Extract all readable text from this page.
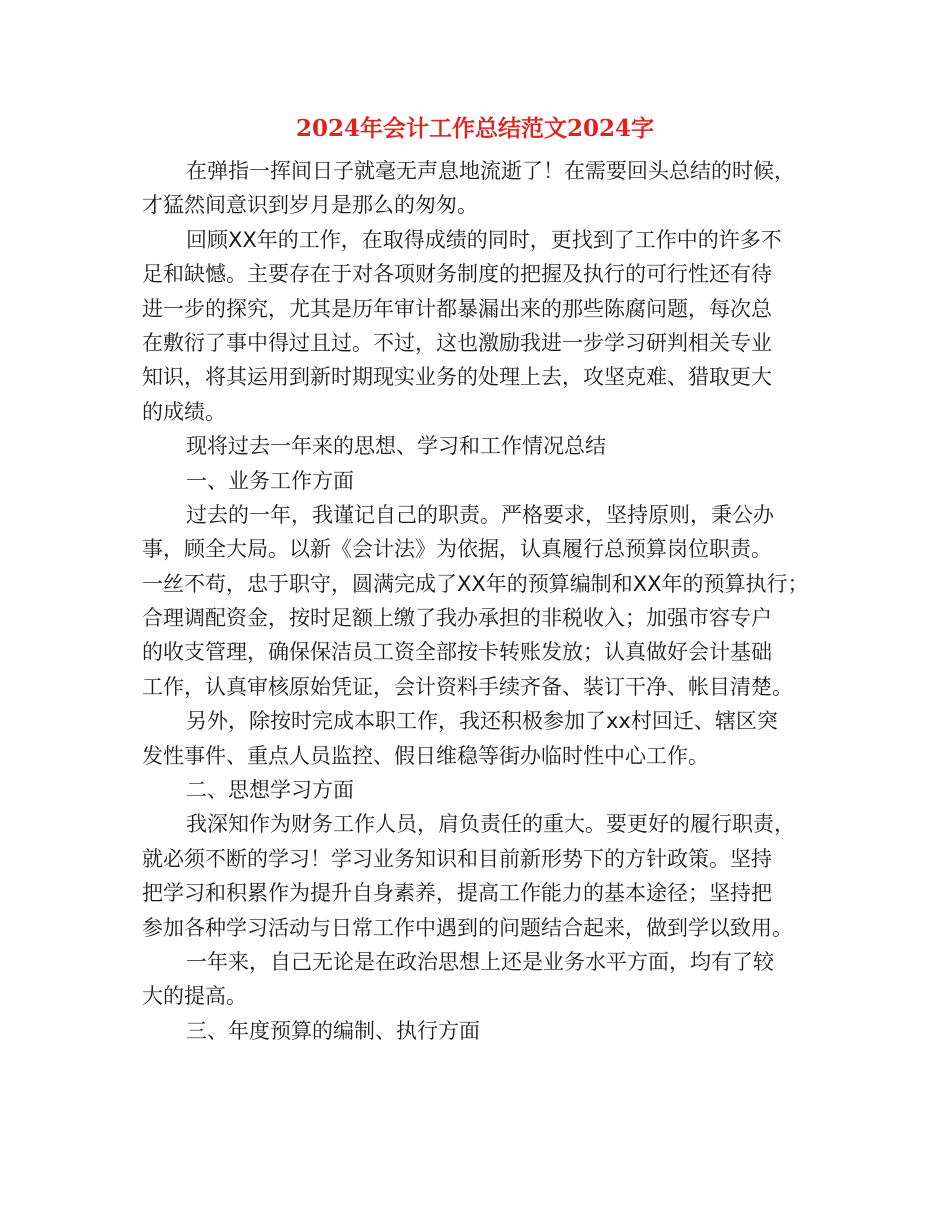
2024年会计工作总结范文2024字
在弹指一挥间日子就毫无声息地流逝了！在需要回头总结的时候，
才猛然间意识到岁月是那么的匆匆。
回顾XX年的工作，在取得成绩的同时，更找到了工作中的许多不
足和缺憾。主要存在于对各项财务制度的把握及执行的可行性还有待
进一步的探究，尤其是历年审计都暴漏出来的那些陈腐问题，每次总
在敷衍了事中得过且过。不过，这也激励我进一步学习研判相关专业
知识，将其运用到新时期现实业务的处理上去，攻坚克难、猎取更大
的成绩。
现将过去一年来的思想、学习和工作情况总结
一、业务工作方面
过去的一年，我谨记自己的职责。严格要求，坚持原则，秉公办
事，顾全大局。以新《会计法》为依据，认真履行总预算岗位职责。
一丝不苟，忠于职守，圆满完成了XX年的预算编制和XX年的预算执行；
合理调配资金，按时足额上缴了我办承担的非税收入；加强市容专户
的收支管理，确保保洁员工资全部按卡转账发放；认真做好会计基础
工作，认真审核原始凭证，会计资料手续齐备、装订干净、帐目清楚。
另外，除按时完成本职工作，我还积极参加了xx村回迁、辖区突
发性事件、重点人员监控、假日维稳等街办临时性中心工作。
二、思想学习方面
我深知作为财务工作人员，肩负责任的重大。要更好的履行职责，
就必须不断的学习！学习业务知识和目前新形势下的方针政策。坚持
把学习和积累作为提升自身素养，提高工作能力的基本途径；坚持把
参加各种学习活动与日常工作中遇到的问题结合起来，做到学以致用。
一年来，自己无论是在政治思想上还是业务水平方面，均有了较
大的提高。
三、年度预算的编制、执行方面
